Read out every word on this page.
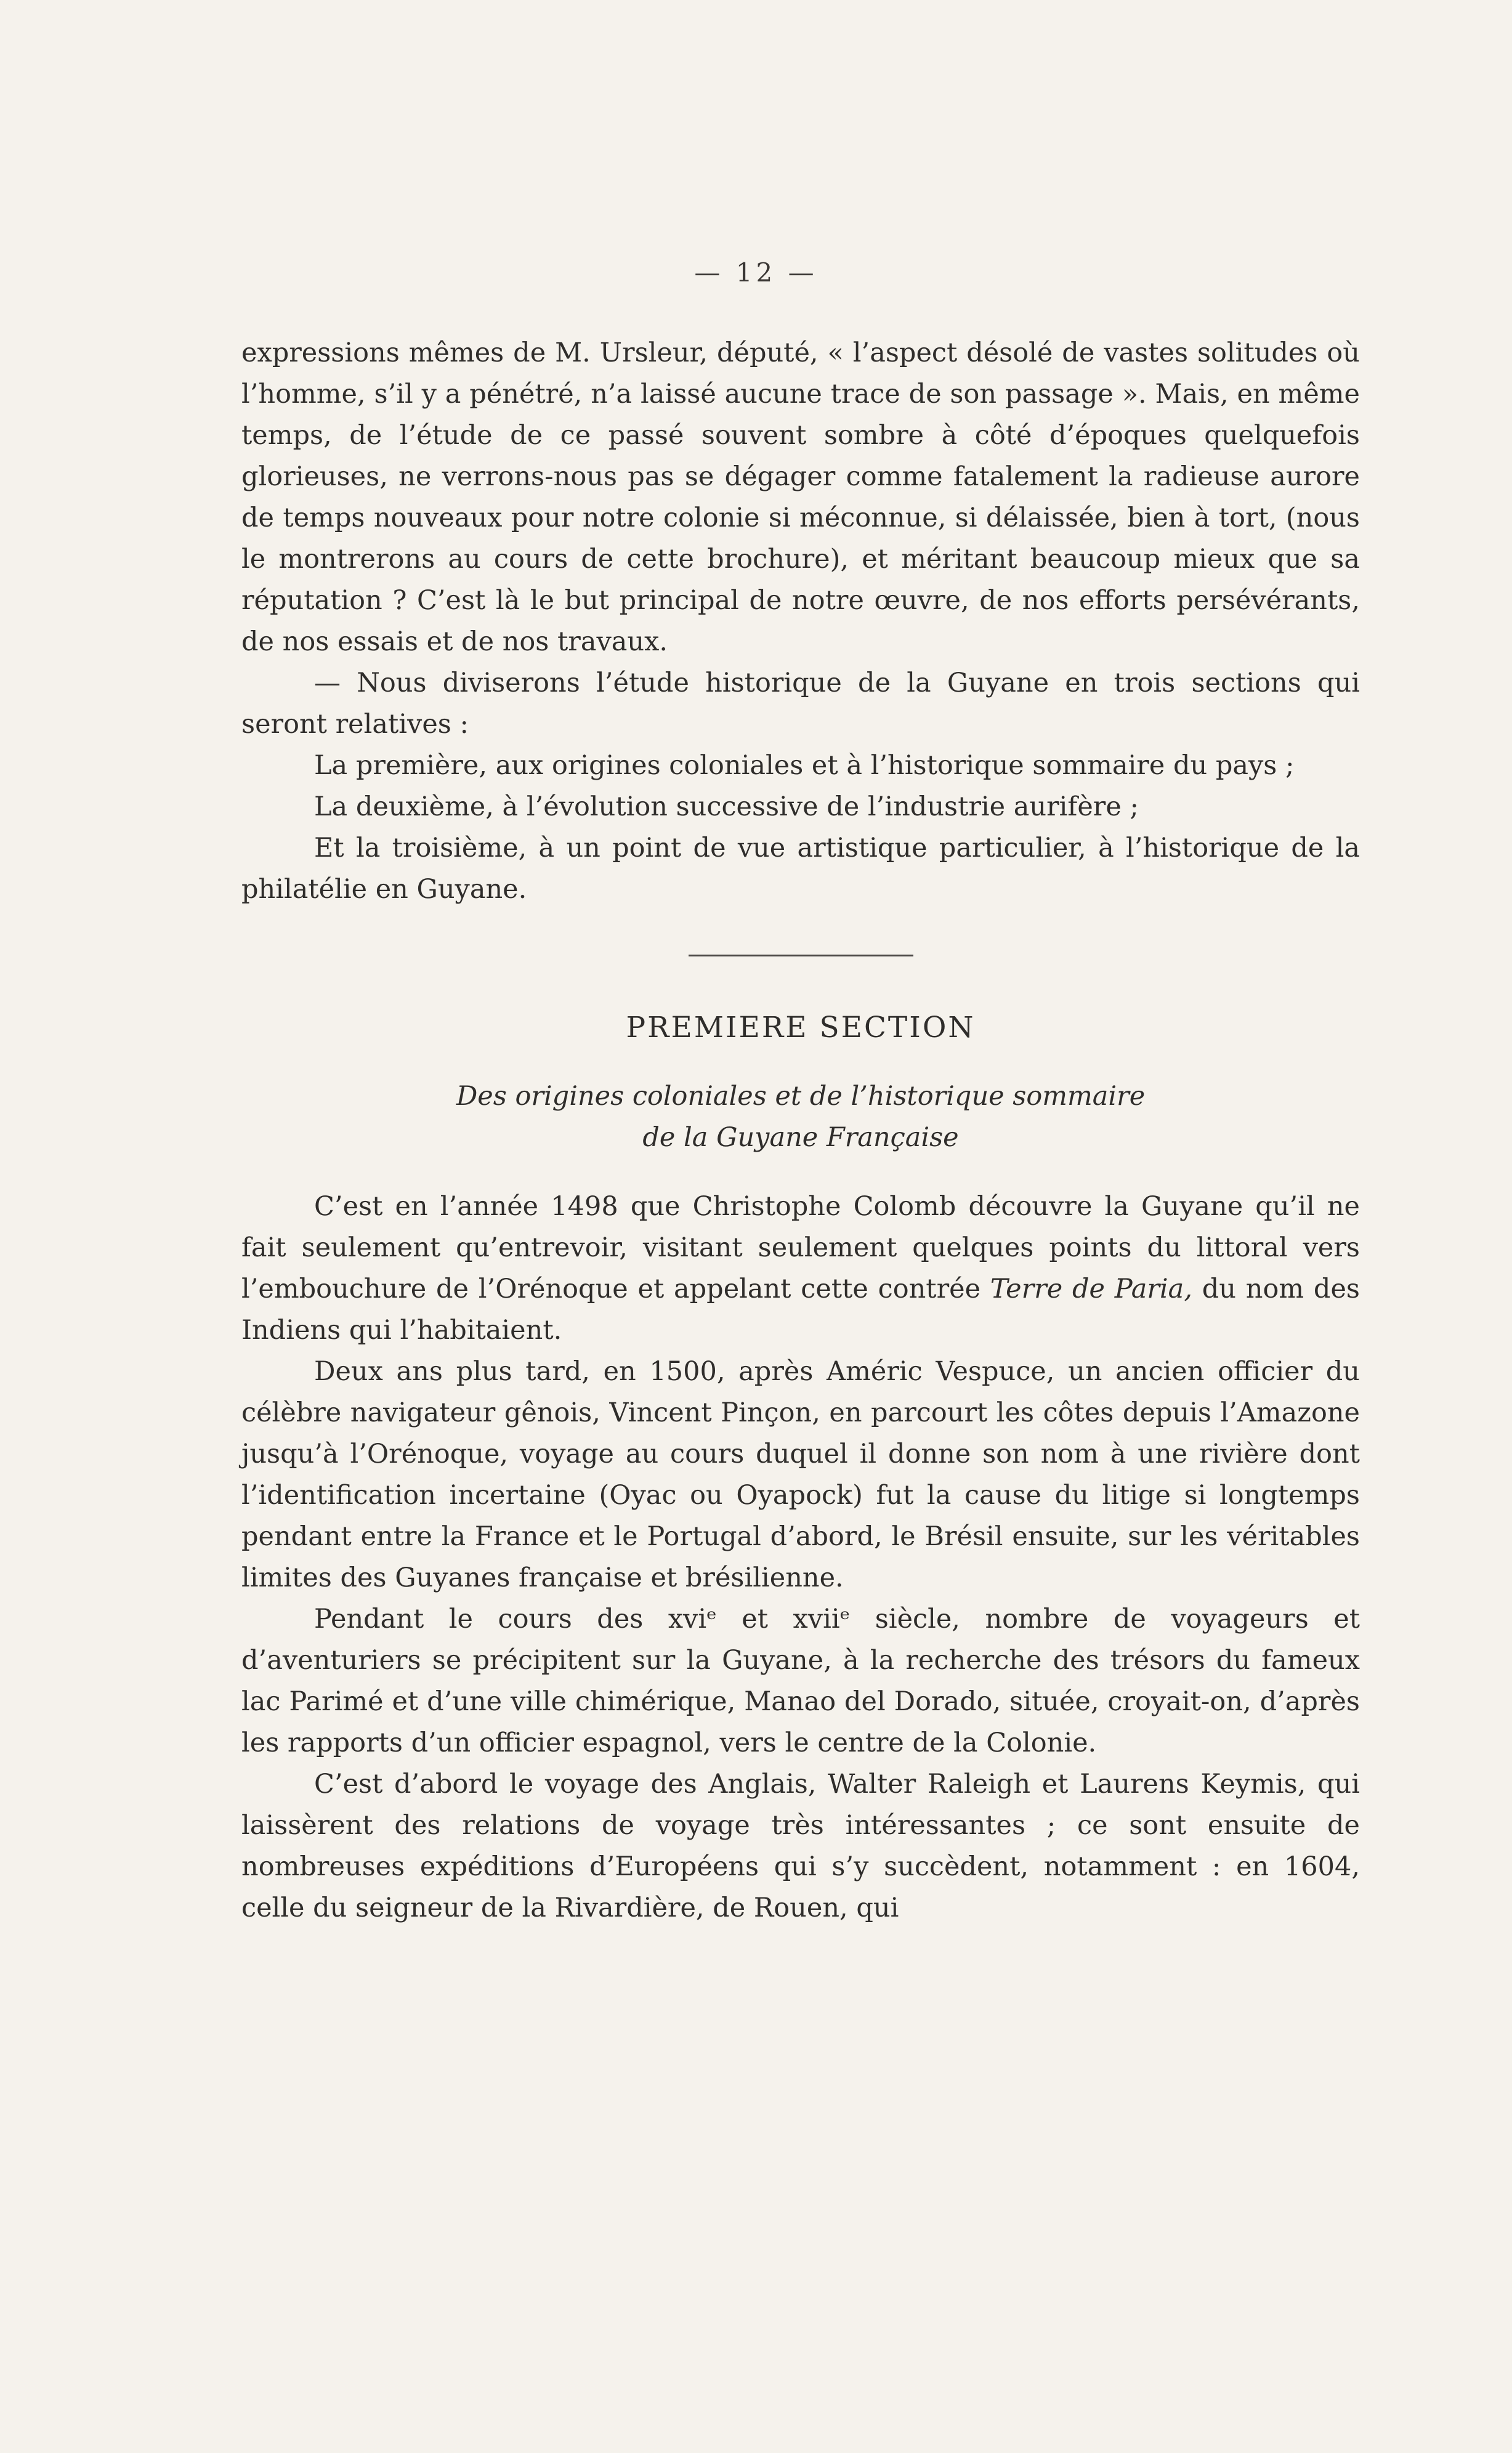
— 12 —

expressions mêmes de M. Ursleur, député, « l’aspect désolé de vastes solitudes où l’homme, s’il y a pénétré, n’a laissé aucune trace de son passage ». Mais, en même temps, de l’étude de ce passé souvent sombre à côté d’époques quelquefois glorieuses, ne verrons-nous pas se dégager comme fatalement la radieuse aurore de temps nouveaux pour notre colonie si méconnue, si délaissée, bien à tort, (nous le montrerons au cours de cette brochure), et méritant beaucoup mieux que sa réputation ? C’est là le but principal de notre œuvre, de nos efforts persévérants, de nos essais et de nos travaux.

— Nous diviserons l’étude historique de la Guyane en trois sections qui seront relatives :

La première, aux origines coloniales et à l’historique sommaire du pays ;

La deuxième, à l’évolution successive de l’industrie aurifère ;

Et la troisième, à un point de vue artistique particulier, à l’historique de la philatélie en Guyane.

PREMIERE SECTION
Des origines coloniales et de l’historique sommaire
de la Guyane Française

C’est en l’année 1498 que Christophe Colomb découvre la Guyane qu’il ne fait seulement qu’entrevoir, visitant seulement quelques points du littoral vers l’embouchure de l’Orénoque et appelant cette contrée Terre de Paria, du nom des Indiens qui l’habitaient.

Deux ans plus tard, en 1500, après Améric Vespuce, un ancien officier du célèbre navigateur gênois, Vincent Pinçon, en parcourt les côtes depuis l’Amazone jusqu’à l’Orénoque, voyage au cours duquel il donne son nom à une rivière dont l’identification incertaine (Oyac ou Oyapock) fut la cause du litige si longtemps pendant entre la France et le Portugal d’abord, le Brésil ensuite, sur les véritables limites des Guyanes française et brésilienne.

Pendant le cours des xviᵉ et xviiᵉ siècle, nombre de voyageurs et d’aventuriers se précipitent sur la Guyane, à la recherche des trésors du fameux lac Parimé et d’une ville chimérique, Manao del Dorado, située, croyait-on, d’après les rapports d’un officier espagnol, vers le centre de la Colonie.

C’est d’abord le voyage des Anglais, Walter Raleigh et Laurens Keymis, qui laissèrent des relations de voyage très intéressantes ; ce sont ensuite de nombreuses expéditions d’Européens qui s’y succèdent, notamment : en 1604, celle du seigneur de la Rivardière, de Rouen, qui
